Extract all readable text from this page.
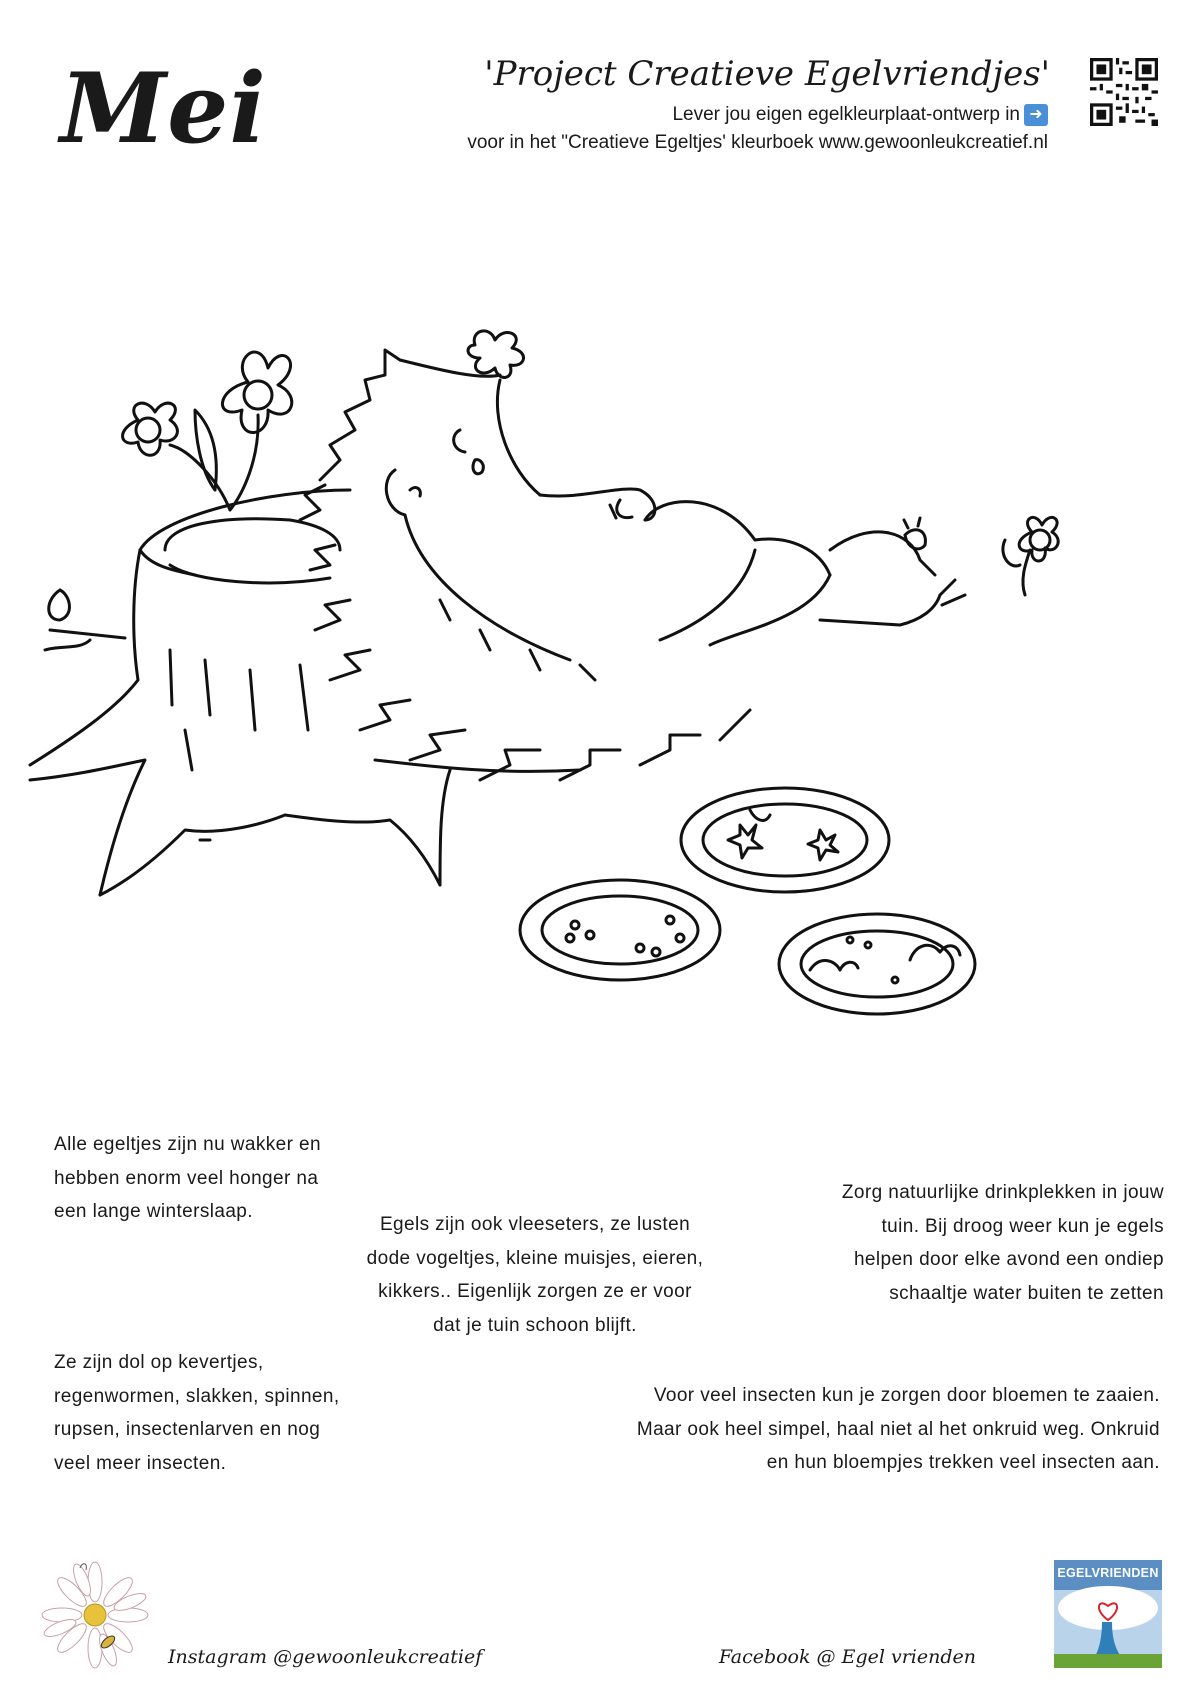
Mei	'Project Creatieve Egelvriendjes'
Lever jou eigen egelkleurplaat-ontwerp in ➜
voor in het "Creatieve Egeltjes' kleurboek www.gewoonleukcreatief.nl
Alle egeltjes zijn nu wakker en
hebben enorm veel honger na
een lange winterslaap.
Egels zijn ook vleeseters, ze lusten
dode vogeltjes, kleine muisjes, eieren,
kikkers.. Eigenlijk zorgen ze er voor
dat je tuin schoon blijft.
Zorg natuurlijke drinkplekken in jouw
tuin. Bij droog weer kun je egels
helpen door elke avond een ondiep
schaaltje water buiten te zetten
Ze zijn dol op kevertjes,
regenwormen, slakken, spinnen,
rupsen, insectenlarven en nog
veel meer insecten.
Voor veel insecten kun je zorgen door bloemen te zaaien.
Maar ook heel simpel, haal niet al het onkruid weg. Onkruid
en hun bloempjes trekken veel insecten aan.
Instagram @gewoonleukcreatief	Facebook @ Egel vrienden
EGELVRIENDEN
